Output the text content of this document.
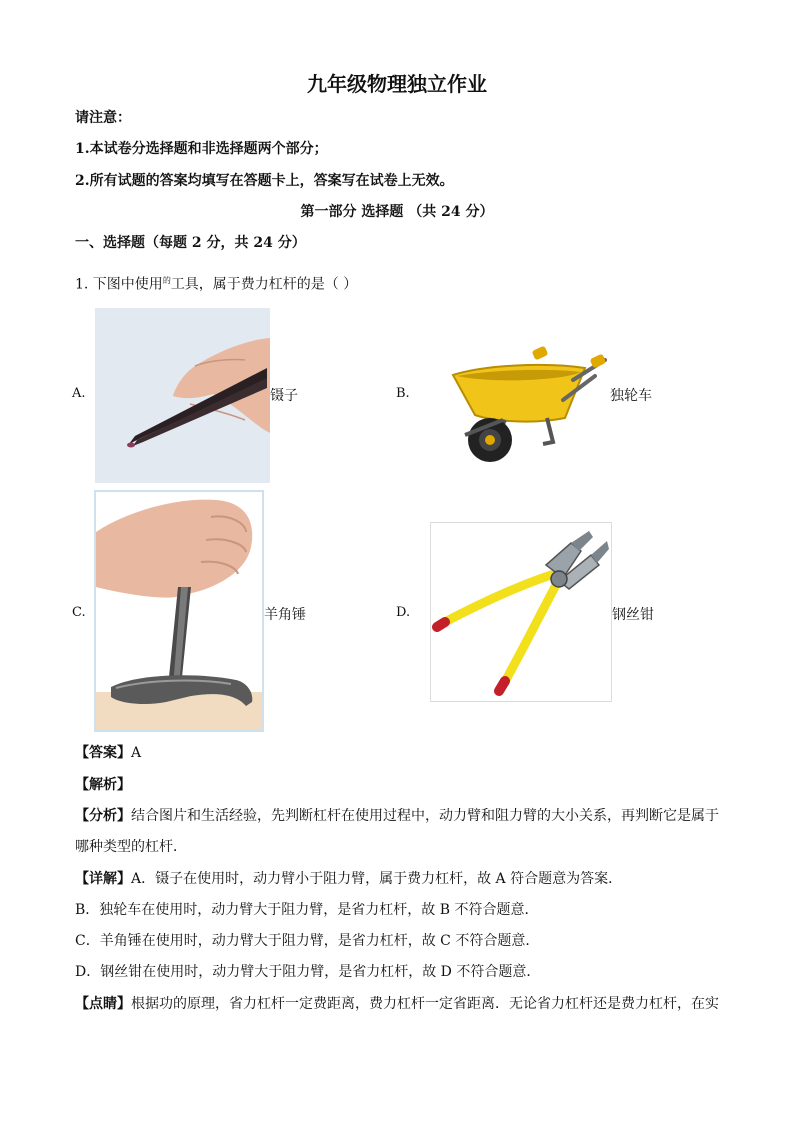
九年级物理独立作业
请注意：
1.本试卷分选择题和非选择题两个部分；
2.所有试题的答案均填写在答题卡上，答案写在试卷上无效。
第一部分 选择题 （共 24 分）
一、选择题（每题 2 分，共 24 分）
1. 下图中使用$^的$工具，属于费力杠杆的是（ ）
A.	镊子	B.	独轮车
C.	羊角锤	D.	钢丝钳
【答案】A
【解析】
【分析】结合图片和生活经验，先判断杠杆在使用过程中，动力臂和阻力臂的大小关系，再判断它是属于
哪种类型的杠杆．
【详解】A．镊子在使用时，动力臂小于阻力臂，属于费力杠杆，故 A 符合题意为答案．
B．独轮车在使用时，动力臂大于阻力臂，是省力杠杆，故 B 不符合题意．
C．羊角锤在使用时，动力臂大于阻力臂，是省力杠杆，故 C 不符合题意．
D．钢丝钳在使用时，动力臂大于阻力臂，是省力杠杆，故 D 不符合题意．
【点睛】根据功的原理，省力杠杆一定费距离，费力杠杆一定省距离．无论省力杠杆还是费力杠杆，在实
